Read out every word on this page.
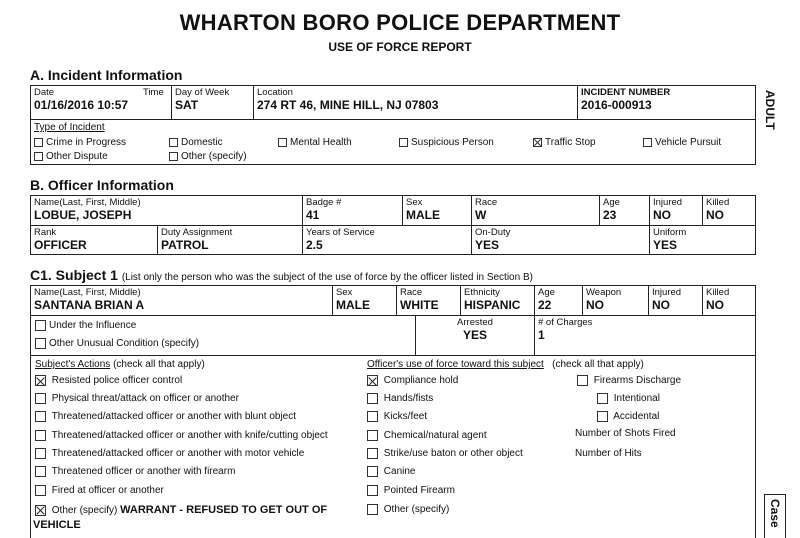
WHARTON BORO POLICE DEPARTMENT
USE OF FORCE REPORT
ADULT
Case
A. Incident Information
Date	Time
01/16/2016 10:57
Day of Week
SAT
Location
274 RT 46, MINE HILL, NJ 07803
INCIDENT NUMBER
2016-000913
Type of Incident
Crime in Progress	Domestic	Mental Health	Suspicious Person	Traffic Stop	Vehicle Pursuit
Other Dispute	Other (specify)
B. Officer Information
Name(Last, First, Middle)
LOBUE, JOSEPH
Badge #
41
Sex
MALE
Race
W
Age
23
Injured
NO
Killed
NO
Rank
OFFICER
Duty Assignment
PATROL
Years of Service
2.5
On-Duty
YES
Uniform
YES
C1. Subject 1 (List only the person who was the subject of the use of force by the officer listed in Section B)
Name(Last, First, Middle)
SANTANA BRIAN A
Sex
MALE
Race
WHITE
Ethnicity
HISPANIC
Age
22
Weapon
NO
Injured
NO
Killed
NO
Under the Influence
Other Unusual Condition (specify)
Arrested
YES
# of Charges
1
Subject's Actions (check all that apply)
Resisted police officer control
Physical threat/attack on officer or another
Threatened/attacked officer or another with blunt object
Threatened/attacked officer or another with knife/cutting object
Threatened/attacked officer or another with motor vehicle
Threatened officer or another with firearm
Fired at officer or another
Other (specify) WARRANT - REFUSED TO GET OUT OF
VEHICLE
Officer's use of force toward this subject (check all that apply)
Compliance hold
Hands/fists
Kicks/feet
Chemical/natural agent
Strike/use baton or other object
Canine
Pointed Firearm
Other (specify)
Firearms Discharge
Intentional
Accidental
Number of Shots Fired
Number of Hits
